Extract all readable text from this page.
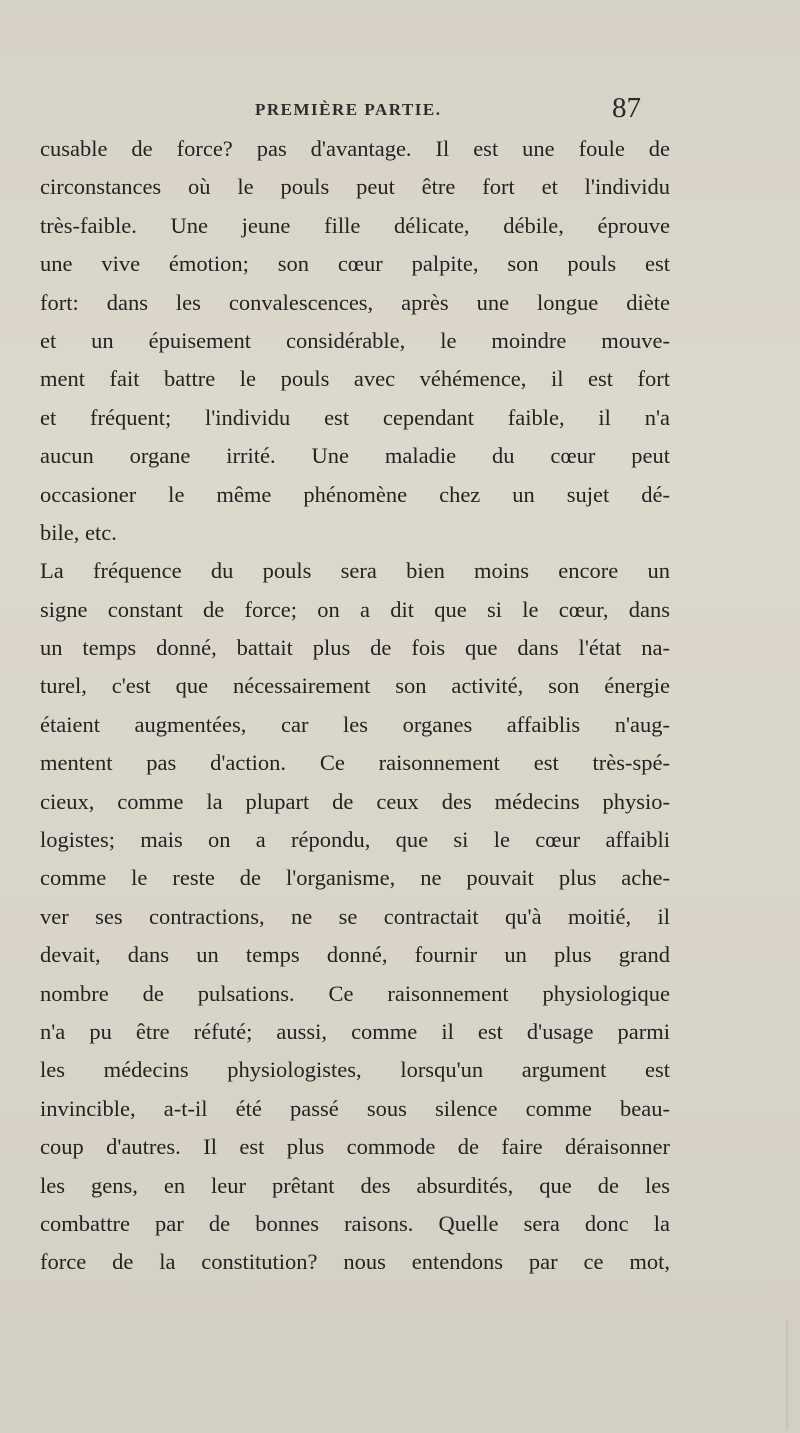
PREMIÈRE PARTIE.	87
cusable de force? pas d'avantage. Il est une foule de
circonstances où le pouls peut être fort et l'individu
très-faible. Une jeune fille délicate, débile, éprouve
une vive émotion; son cœur palpite, son pouls est
fort: dans les convalescences, après une longue diète
et un épuisement considérable, le moindre mouve-
ment fait battre le pouls avec véhémence, il est fort
et fréquent; l'individu est cependant faible, il n'a
aucun organe irrité. Une maladie du cœur peut
occasioner le même phénomène chez un sujet dé-
bile, etc.
La fréquence du pouls sera bien moins encore un
signe constant de force; on a dit que si le cœur, dans
un temps donné, battait plus de fois que dans l'état na-
turel, c'est que nécessairement son activité, son énergie
étaient augmentées, car les organes affaiblis n'aug-
mentent pas d'action. Ce raisonnement est très-spé-
cieux, comme la plupart de ceux des médecins physio-
logistes; mais on a répondu, que si le cœur affaibli
comme le reste de l'organisme, ne pouvait plus ache-
ver ses contractions, ne se contractait qu'à moitié, il
devait, dans un temps donné, fournir un plus grand
nombre de pulsations. Ce raisonnement physiologique
n'a pu être réfuté; aussi, comme il est d'usage parmi
les médecins physiologistes, lorsqu'un argument est
invincible, a-t-il été passé sous silence comme beau-
coup d'autres. Il est plus commode de faire déraisonner
les gens, en leur prêtant des absurdités, que de les
combattre par de bonnes raisons. Quelle sera donc la
force de la constitution? nous entendons par ce mot,
